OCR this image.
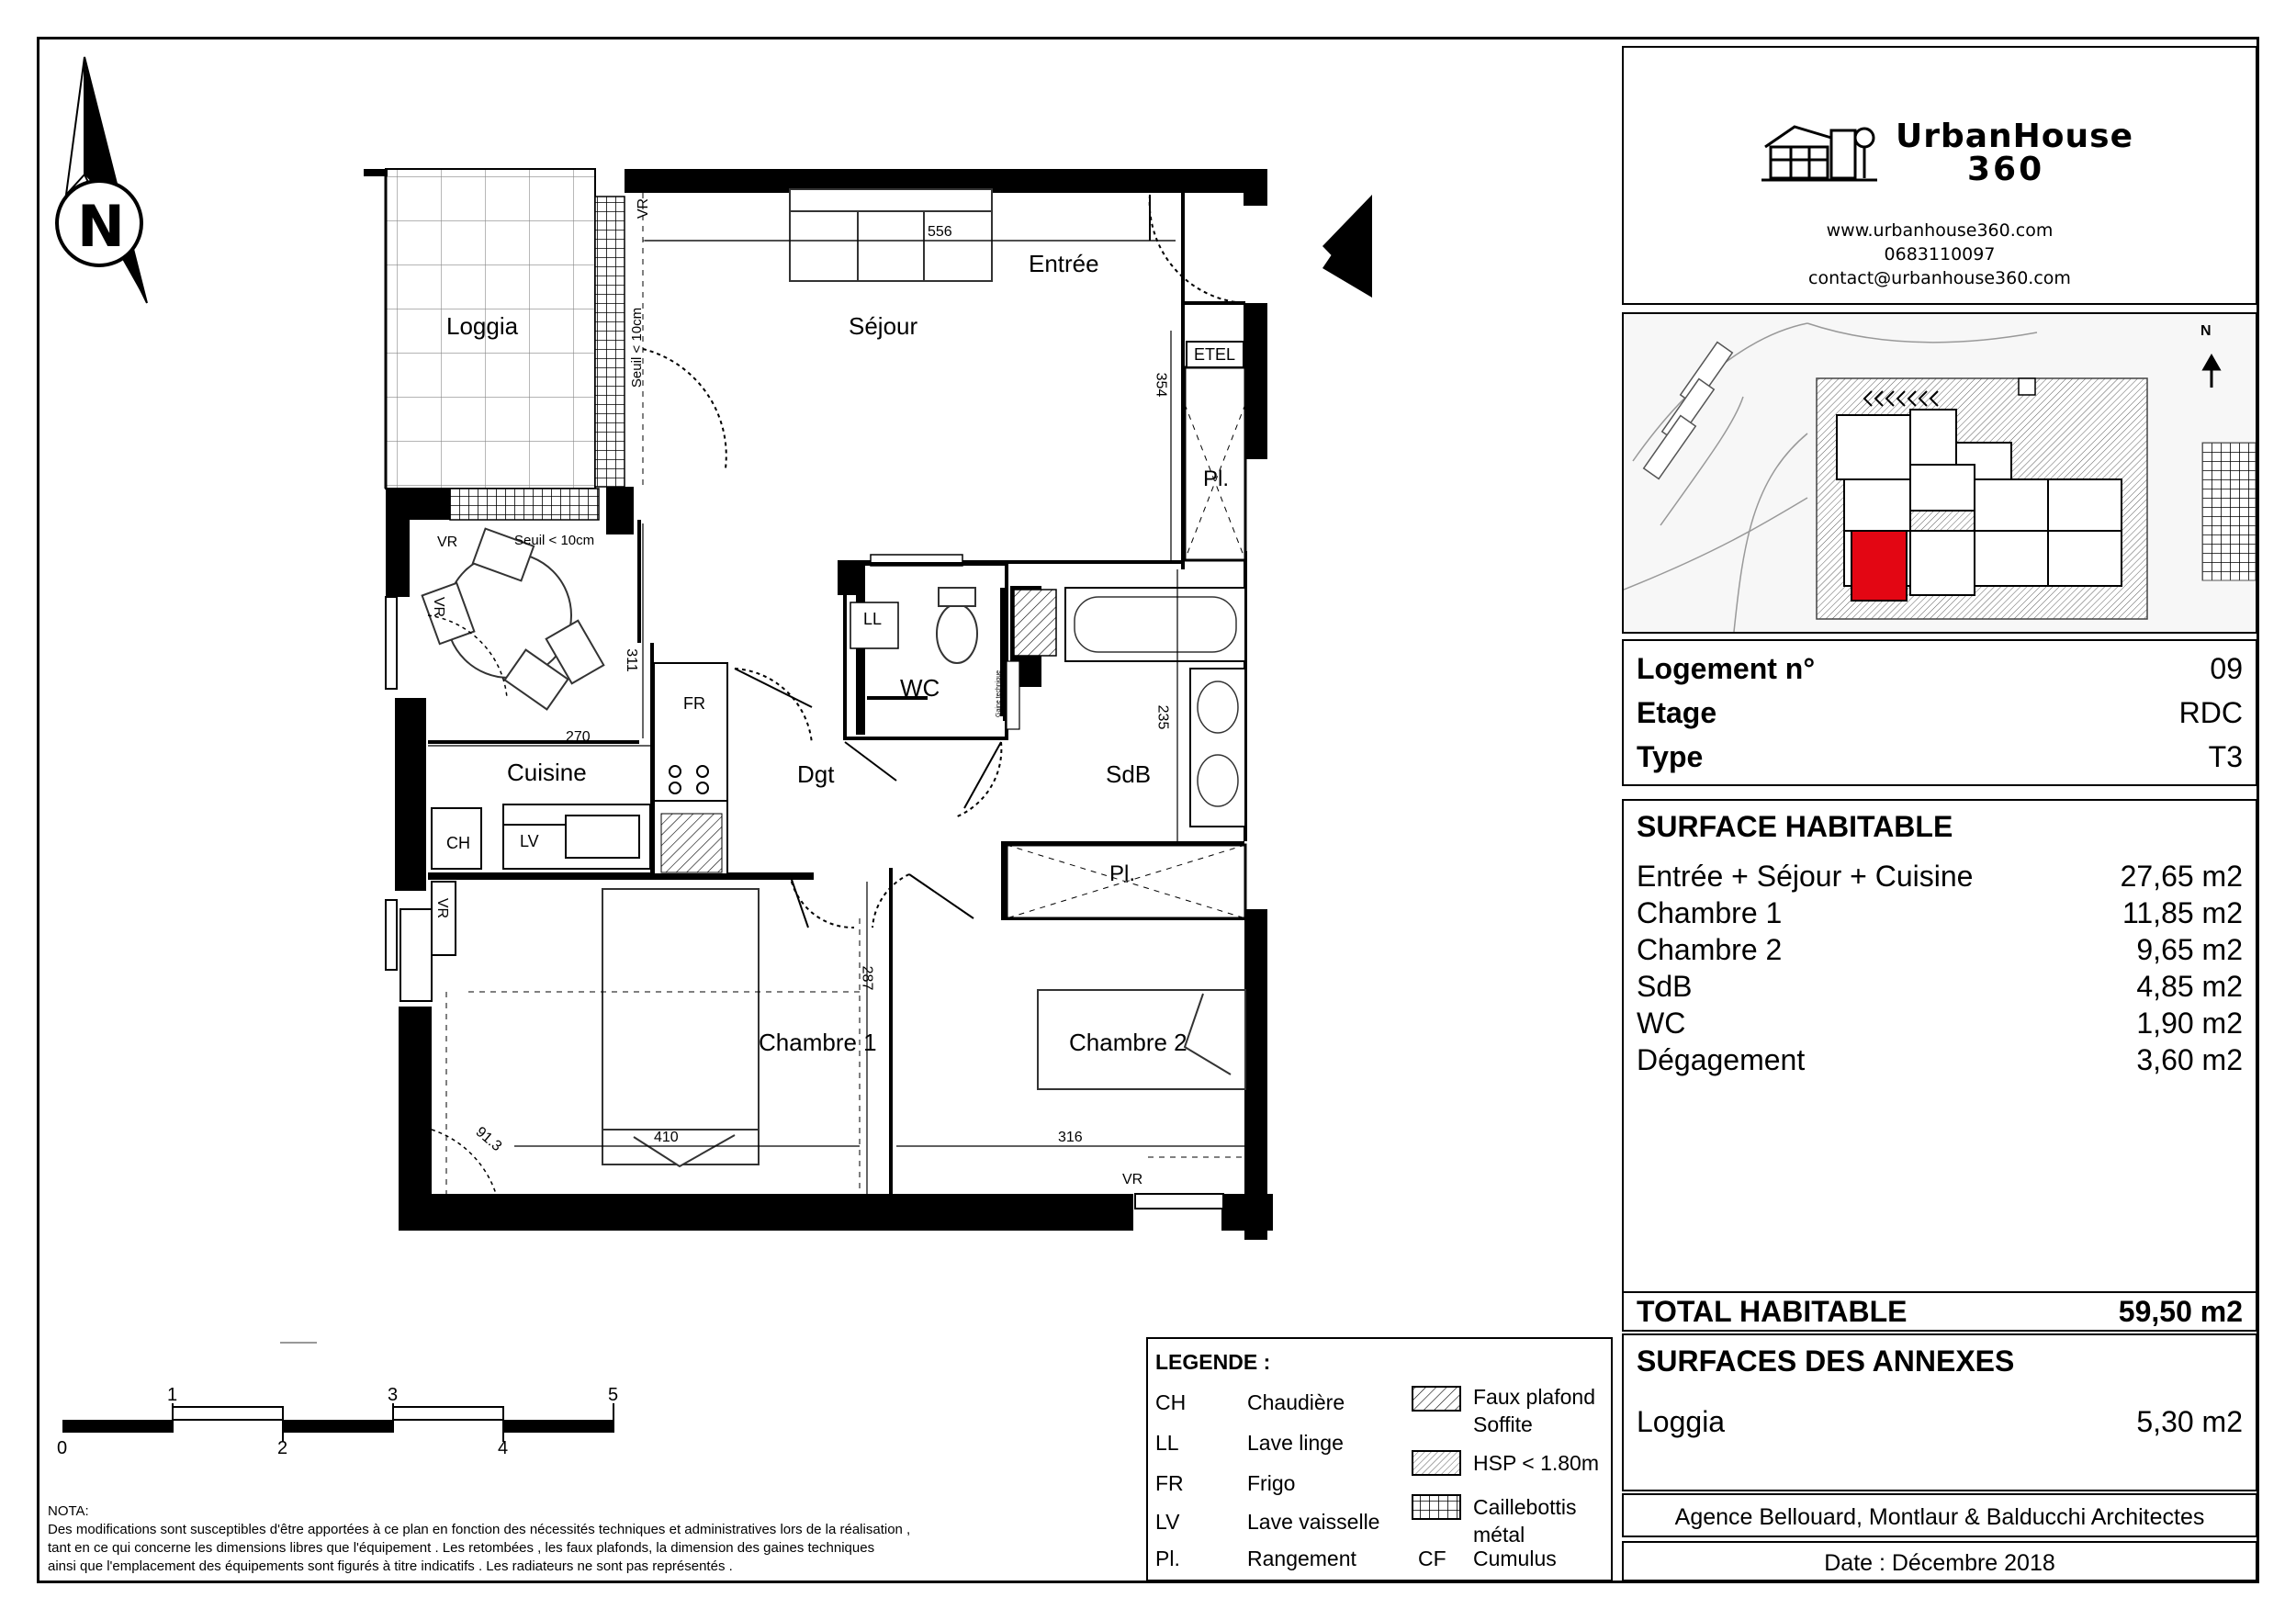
N
Loggia	Séjour
Entrée
Cuisine
WC
Dgt	SdB
Chambre 1	Chambre 2
ETEL
Pl.
Pl.
LL
FR
CH	LV
VR
VR
VR
VR
VR
Seuil < 10cm
Seuil < 10cm
Gaine technique
556
354
311
270
235
287
249
410	316
91.3
1	3	5
0	2	4
NOTA:
Des modifications sont susceptibles d'être apportées à ce plan en fonction des nécessités techniques et administratives lors de la réalisation ,
tant en ce qui concerne les dimensions libres que l'équipement . Les retombées , les faux plafonds, la dimension des gaines techniques
ainsi que l'emplacement des équipements sont figurés à titre indicatifs . Les radiateurs ne sont pas représentés .
LEGENDE :
CH	Chaudière
LL	Lave linge
FR	Frigo
LV	Lave vaisselle
Pl.	Rangement
Faux plafond
Soffite
HSP < 1.80m
Caillebottis
métal
CF Cumulus
UrbanHouse
360
www.urbanhouse360.com
0683110097
contact@urbanhouse360.com
N
Logement n°	09
Etage	RDC
Type	T3
SURFACE HABITABLE
Entrée + Séjour + Cuisine	27,65 m2
Chambre 1	11,85 m2
Chambre 2	9,65 m2
SdB	4,85 m2
WC	1,90 m2
Dégagement	3,60 m2
TOTAL HABITABLE	59,50 m2
SURFACES DES ANNEXES
Loggia	5,30 m2
Agence Bellouard, Montlaur & Balducchi Architectes
Date : Décembre 2018
